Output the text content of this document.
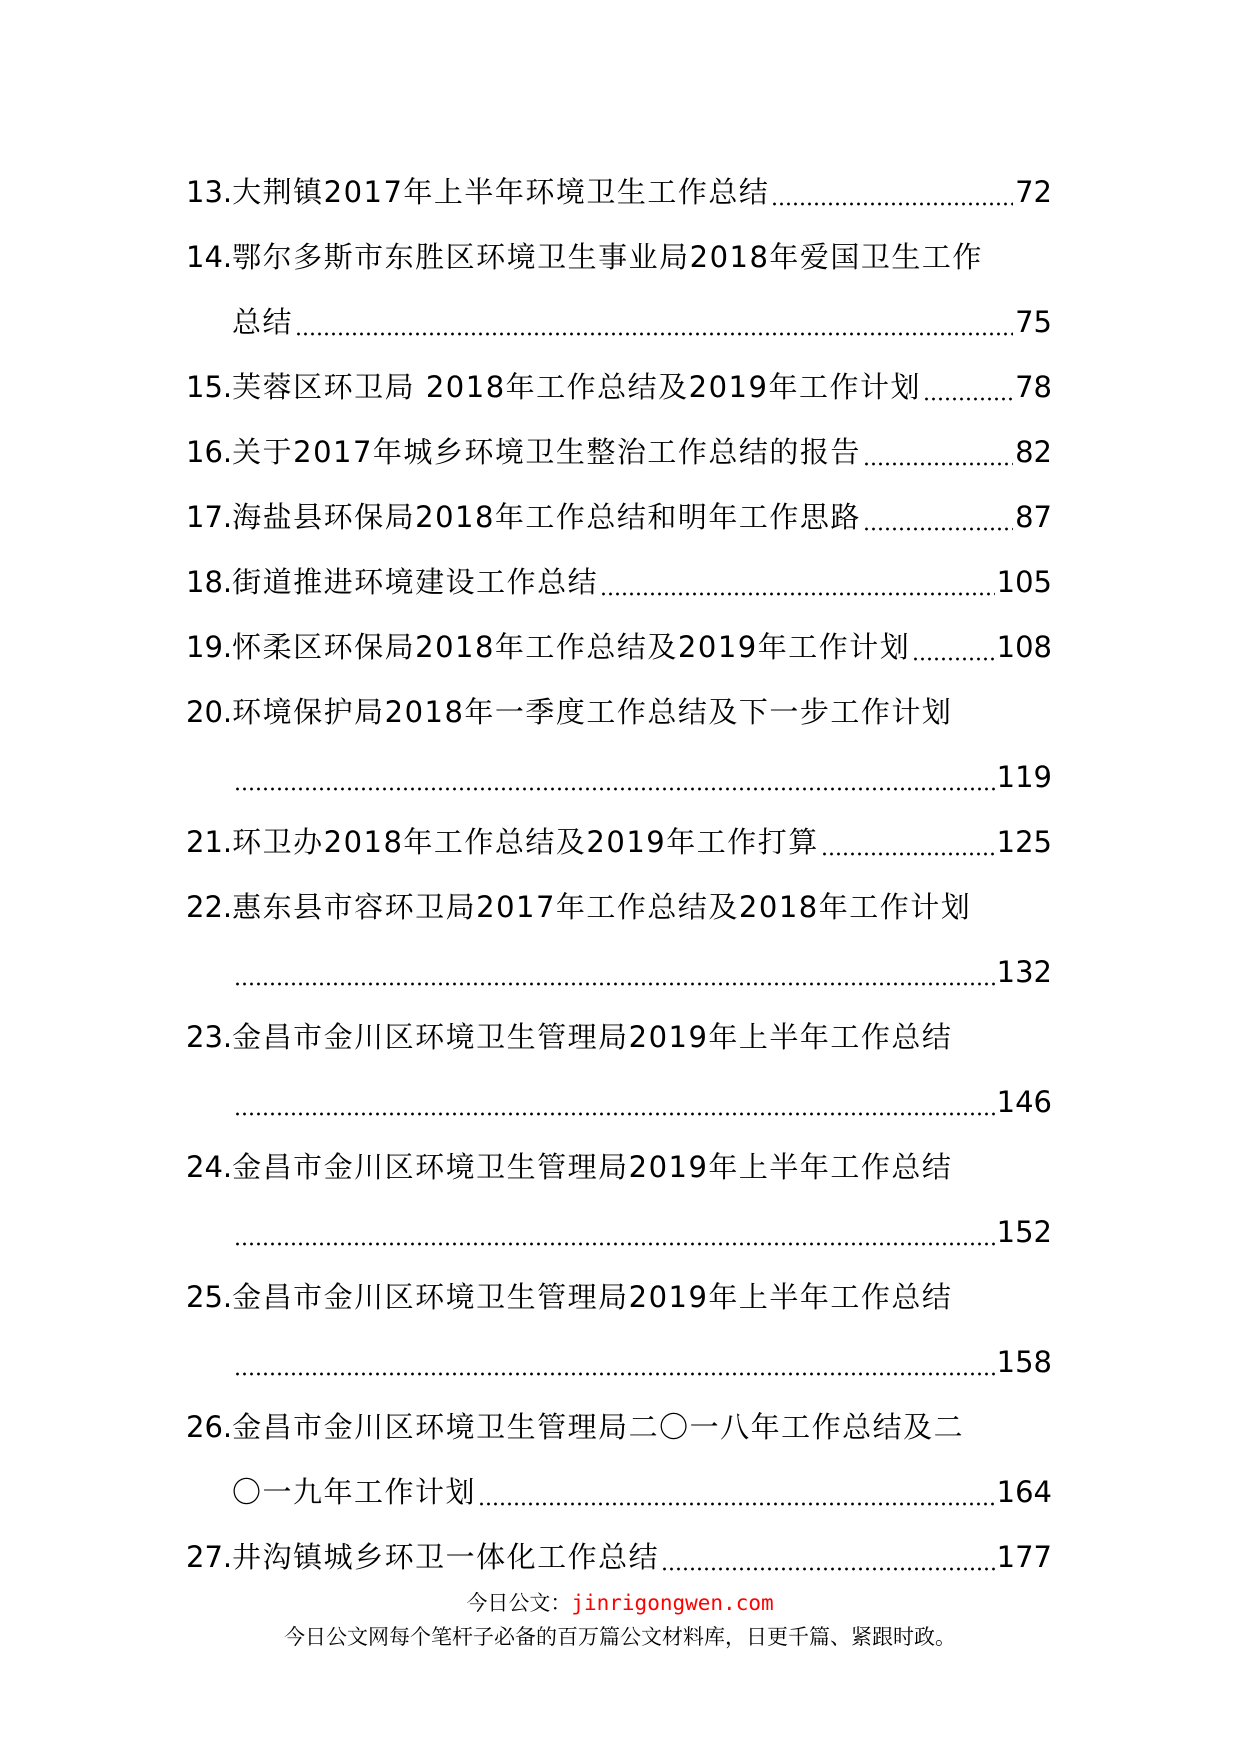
13. 大荆镇2017年上半年环境卫生工作总结	72
14. 鄂尔多斯市东胜区环境卫生事业局2018年爱国卫生工作
总结	75
15. 芙蓉区环卫局 2018年工作总结及2019年工作计划	78
16. 关于2017年城乡环境卫生整治工作总结的报告	82
17. 海盐县环保局2018年工作总结和明年工作思路	87
18. 街道推进环境建设工作总结	105
19. 怀柔区环保局2018年工作总结及2019年工作计划	108
20. 环境保护局2018年一季度工作总结及下一步工作计划
119
21. 环卫办2018年工作总结及2019年工作打算	125
22. 惠东县市容环卫局2017年工作总结及2018年工作计划
132
23. 金昌市金川区环境卫生管理局2019年上半年工作总结
146
24. 金昌市金川区环境卫生管理局2019年上半年工作总结
152
25. 金昌市金川区环境卫生管理局2019年上半年工作总结
158
26. 金昌市金川区环境卫生管理局二〇一八年工作总结及二
〇一九年工作计划	164
27. 井沟镇城乡环卫一体化工作总结	177
今日公文：jinrigongwen.com
今日公文网每个笔杆子必备的百万篇公文材料库，日更千篇、紧跟时政。
